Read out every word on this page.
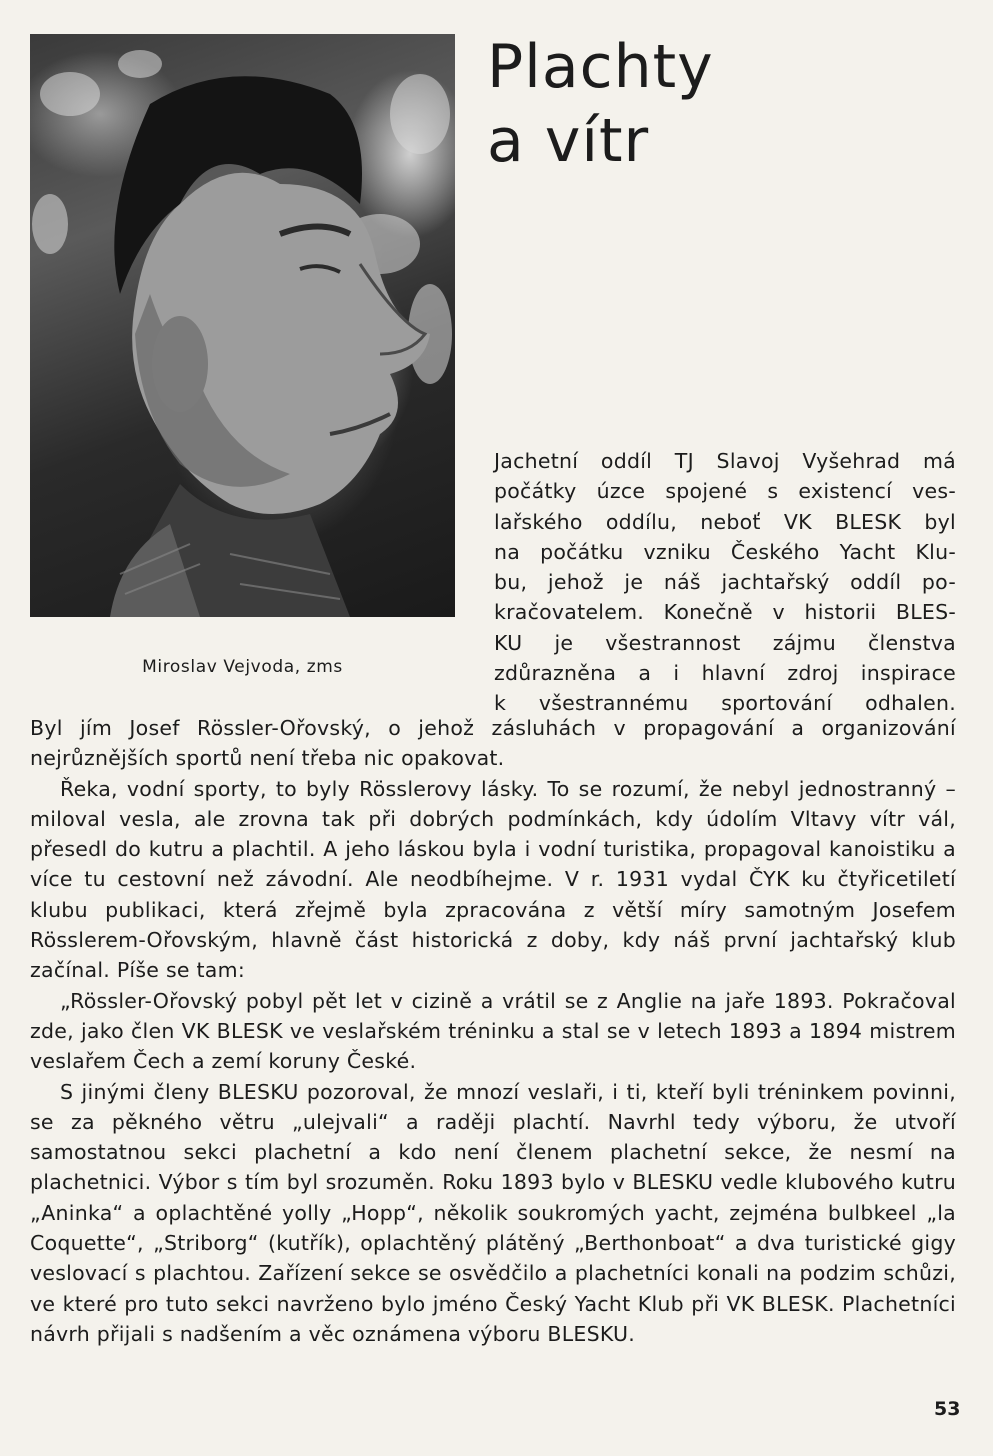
Miroslav Vejvoda, zms
Plachty
a vítr
Jachetní oddíl TJ Slavoj Vyšehrad má
počátky úzce spojené s existencí ves-
lařského oddílu, neboť VK BLESK byl
na počátku vzniku Českého Yacht Klu-
bu, jehož je náš jachtařský oddíl po-
kračovatelem. Konečně v historii BLES-
KU je všestrannost zájmu členstva
zdůrazněna a i hlavní zdroj inspirace
k všestrannému sportování odhalen.

Byl jím Josef Rössler-Ořovský, o jehož zásluhách v propagování a organizování nejrůznějších sportů není třeba nic opakovat.

Řeka, vodní sporty, to byly Rösslerovy lásky. To se rozumí, že nebyl jednostranný – miloval vesla, ale zrovna tak při dobrých podmínkách, kdy údolím Vltavy vítr vál, přesedl do kutru a plachtil. A jeho láskou byla i vodní turistika, propagoval kanoistiku a více tu cestovní než závodní. Ale neodbíhejme. V r. 1931 vydal ČYK ku čtyřicetiletí klubu publikaci, která zřejmě byla zpracována z větší míry samotným Josefem Rösslerem-Ořovským, hlavně část historická z doby, kdy náš první jachtařský klub začínal. Píše se tam:

„Rössler-Ořovský pobyl pět let v cizině a vrátil se z Anglie na jaře 1893. Pokračoval zde, jako člen VK BLESK ve veslařském tréninku a stal se v letech 1893 a 1894 mistrem veslařem Čech a zemí koruny České.

S jinými členy BLESKU pozoroval, že mnozí veslaři, i ti, kteří byli tréninkem povinni, se za pěkného větru „ulejvali“ a raději plachtí. Navrhl tedy výboru, že utvoří samostatnou sekci plachetní a kdo není členem plachetní sekce, že nesmí na plachetnici. Výbor s tím byl srozuměn. Roku 1893 bylo v BLESKU vedle klubového kutru „Aninka“ a oplachtěné yolly „Hopp“, několik soukromých yacht, zejména bulbkeel „la Coquette“, „Striborg“ (kutřík), oplachtěný plátěný „Berthonboat“ a dva turistické gigy veslovací s plachtou. Zařízení sekce se osvědčilo a plachetníci konali na podzim schůzi, ve které pro tuto sekci navrženo bylo jméno Český Yacht Klub při VK BLESK. Plachetníci návrh přijali s nadšením a věc oznámena výboru BLESKU.

53
